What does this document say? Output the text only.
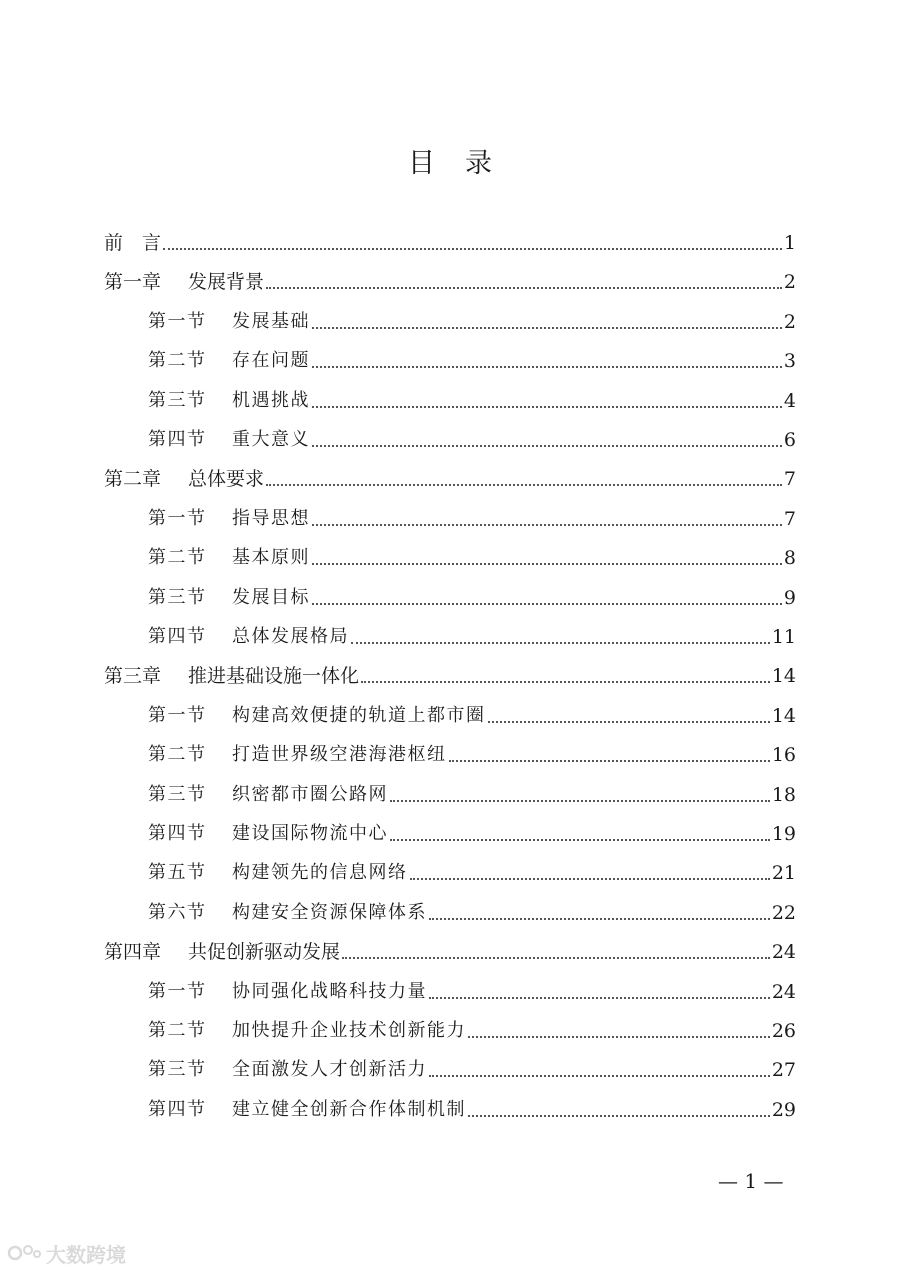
目 录
前　言	1
第一章 发展背景	2
第一节 发展基础	2
第二节 存在问题	3
第三节 机遇挑战	4
第四节 重大意义	6
第二章 总体要求	7
第一节 指导思想	7
第二节 基本原则	8
第三节 发展目标	9
第四节 总体发展格局	11
第三章 推进基础设施一体化	14
第一节 构建高效便捷的轨道上都市圈	14
第二节 打造世界级空港海港枢纽	16
第三节 织密都市圈公路网	18
第四节 建设国际物流中心	19
第五节 构建领先的信息网络	21
第六节 构建安全资源保障体系	22
第四章 共促创新驱动发展	24
第一节 协同强化战略科技力量	24
第二节 加快提升企业技术创新能力	26
第三节 全面激发人才创新活力	27
第四节 建立健全创新合作体制机制	29
— 1 —
大数跨境
